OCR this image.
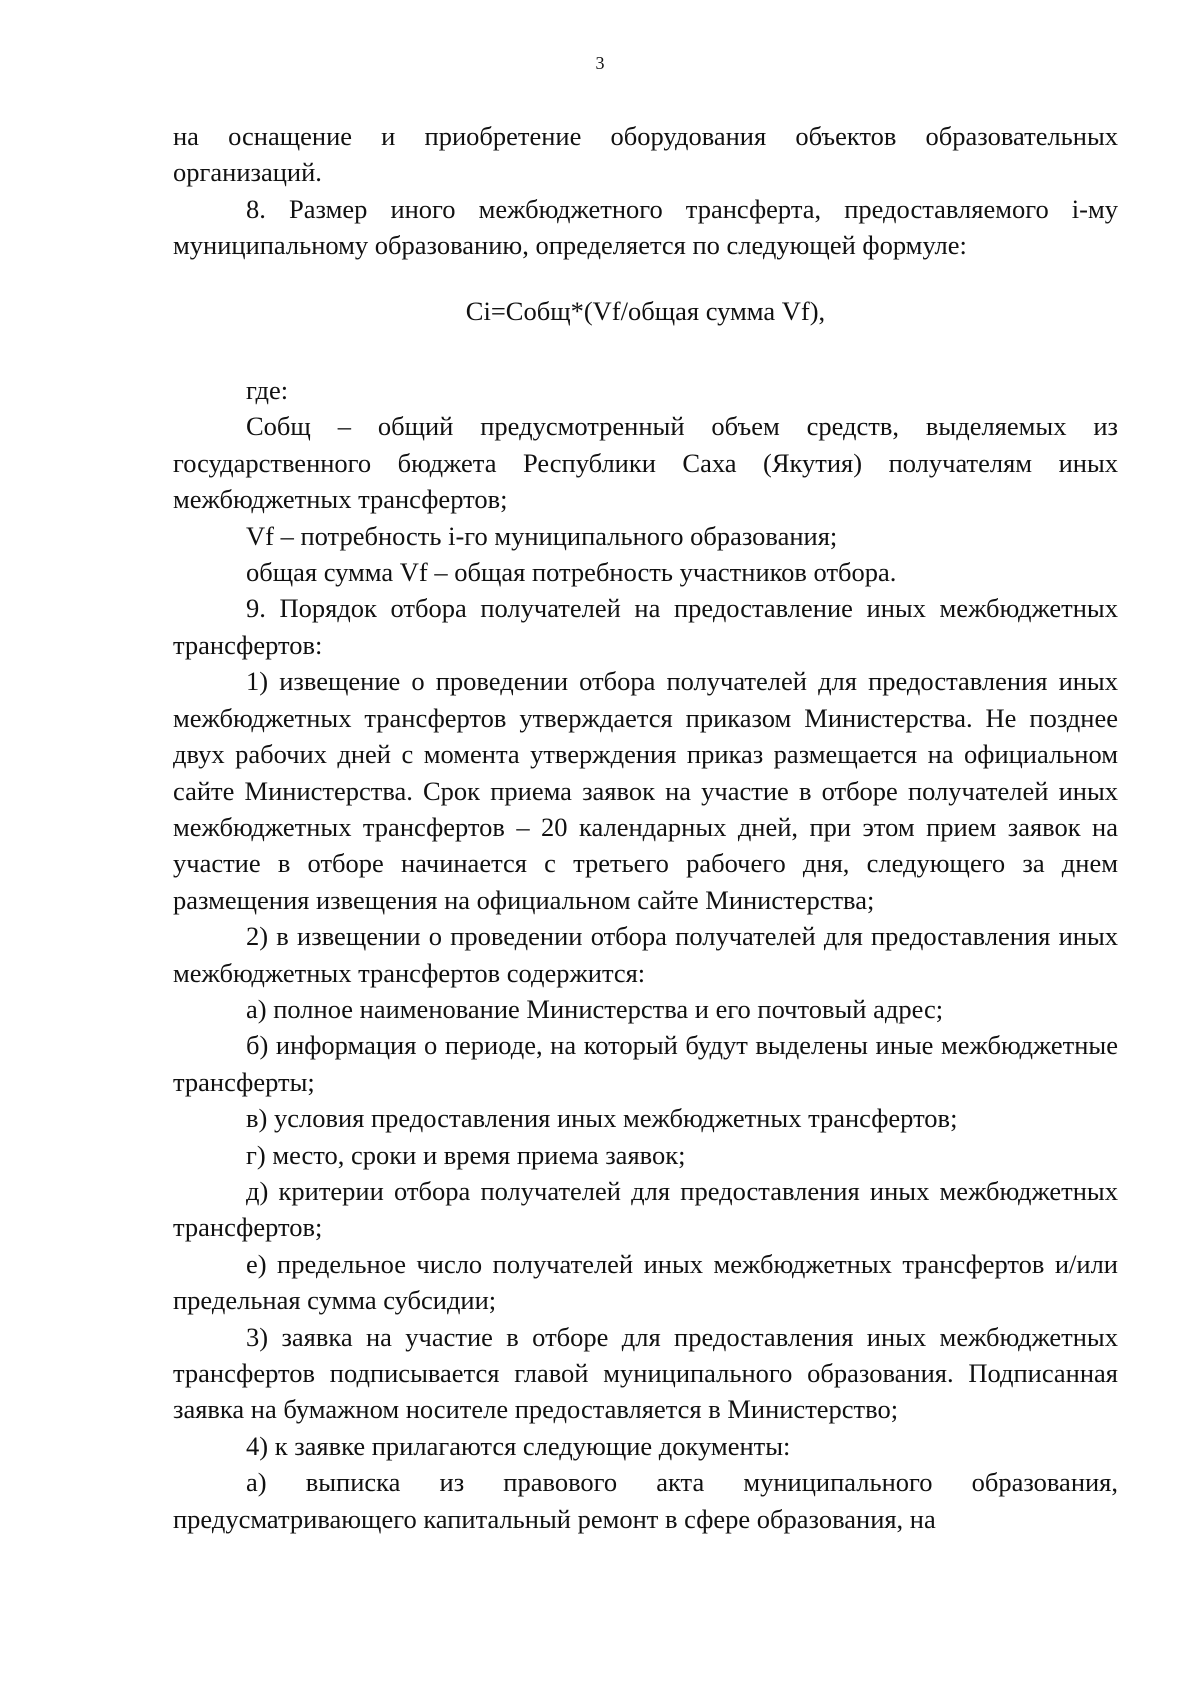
3

на оснащение и приобретение оборудования объектов образовательных организаций.

8. Размер иного межбюджетного трансферта, предоставляемого i-му муниципальному образованию, определяется по следующей формуле:

Ci=Собщ*(Vf/общая сумма Vf),

где:

Собщ – общий предусмотренный объем средств, выделяемых из государственного бюджета Республики Саха (Якутия) получателям иных межбюджетных трансфертов;

Vf – потребность i-го муниципального образования;

общая сумма Vf – общая потребность участников отбора.

9. Порядок отбора получателей на предоставление иных межбюджетных трансфертов:

1) извещение о проведении отбора получателей для предоставления иных межбюджетных трансфертов утверждается приказом Министерства. Не позднее двух рабочих дней с момента утверждения приказ размещается на официальном сайте Министерства. Срок приема заявок на участие в отборе получателей иных межбюджетных трансфертов – 20 календарных дней, при этом прием заявок на участие в отборе начинается с третьего рабочего дня, следующего за днем размещения извещения на официальном сайте Министерства;

2) в извещении о проведении отбора получателей для предоставления иных межбюджетных трансфертов содержится:

а) полное наименование Министерства и его почтовый адрес;

б) информация о периоде, на который будут выделены иные межбюджетные трансферты;

в) условия предоставления иных межбюджетных трансфертов;

г) место, сроки и время приема заявок;

д) критерии отбора получателей для предоставления иных межбюджетных трансфертов;

е) предельное число получателей иных межбюджетных трансфертов и/или предельная сумма субсидии;

3) заявка на участие в отборе для предоставления иных межбюджетных трансфертов подписывается главой муниципального образования. Подписанная заявка на бумажном носителе предоставляется в Министерство;

4) к заявке прилагаются следующие документы:

а) выписка из правового акта муниципального образования, предусматривающего капитальный ремонт в сфере образования, на
